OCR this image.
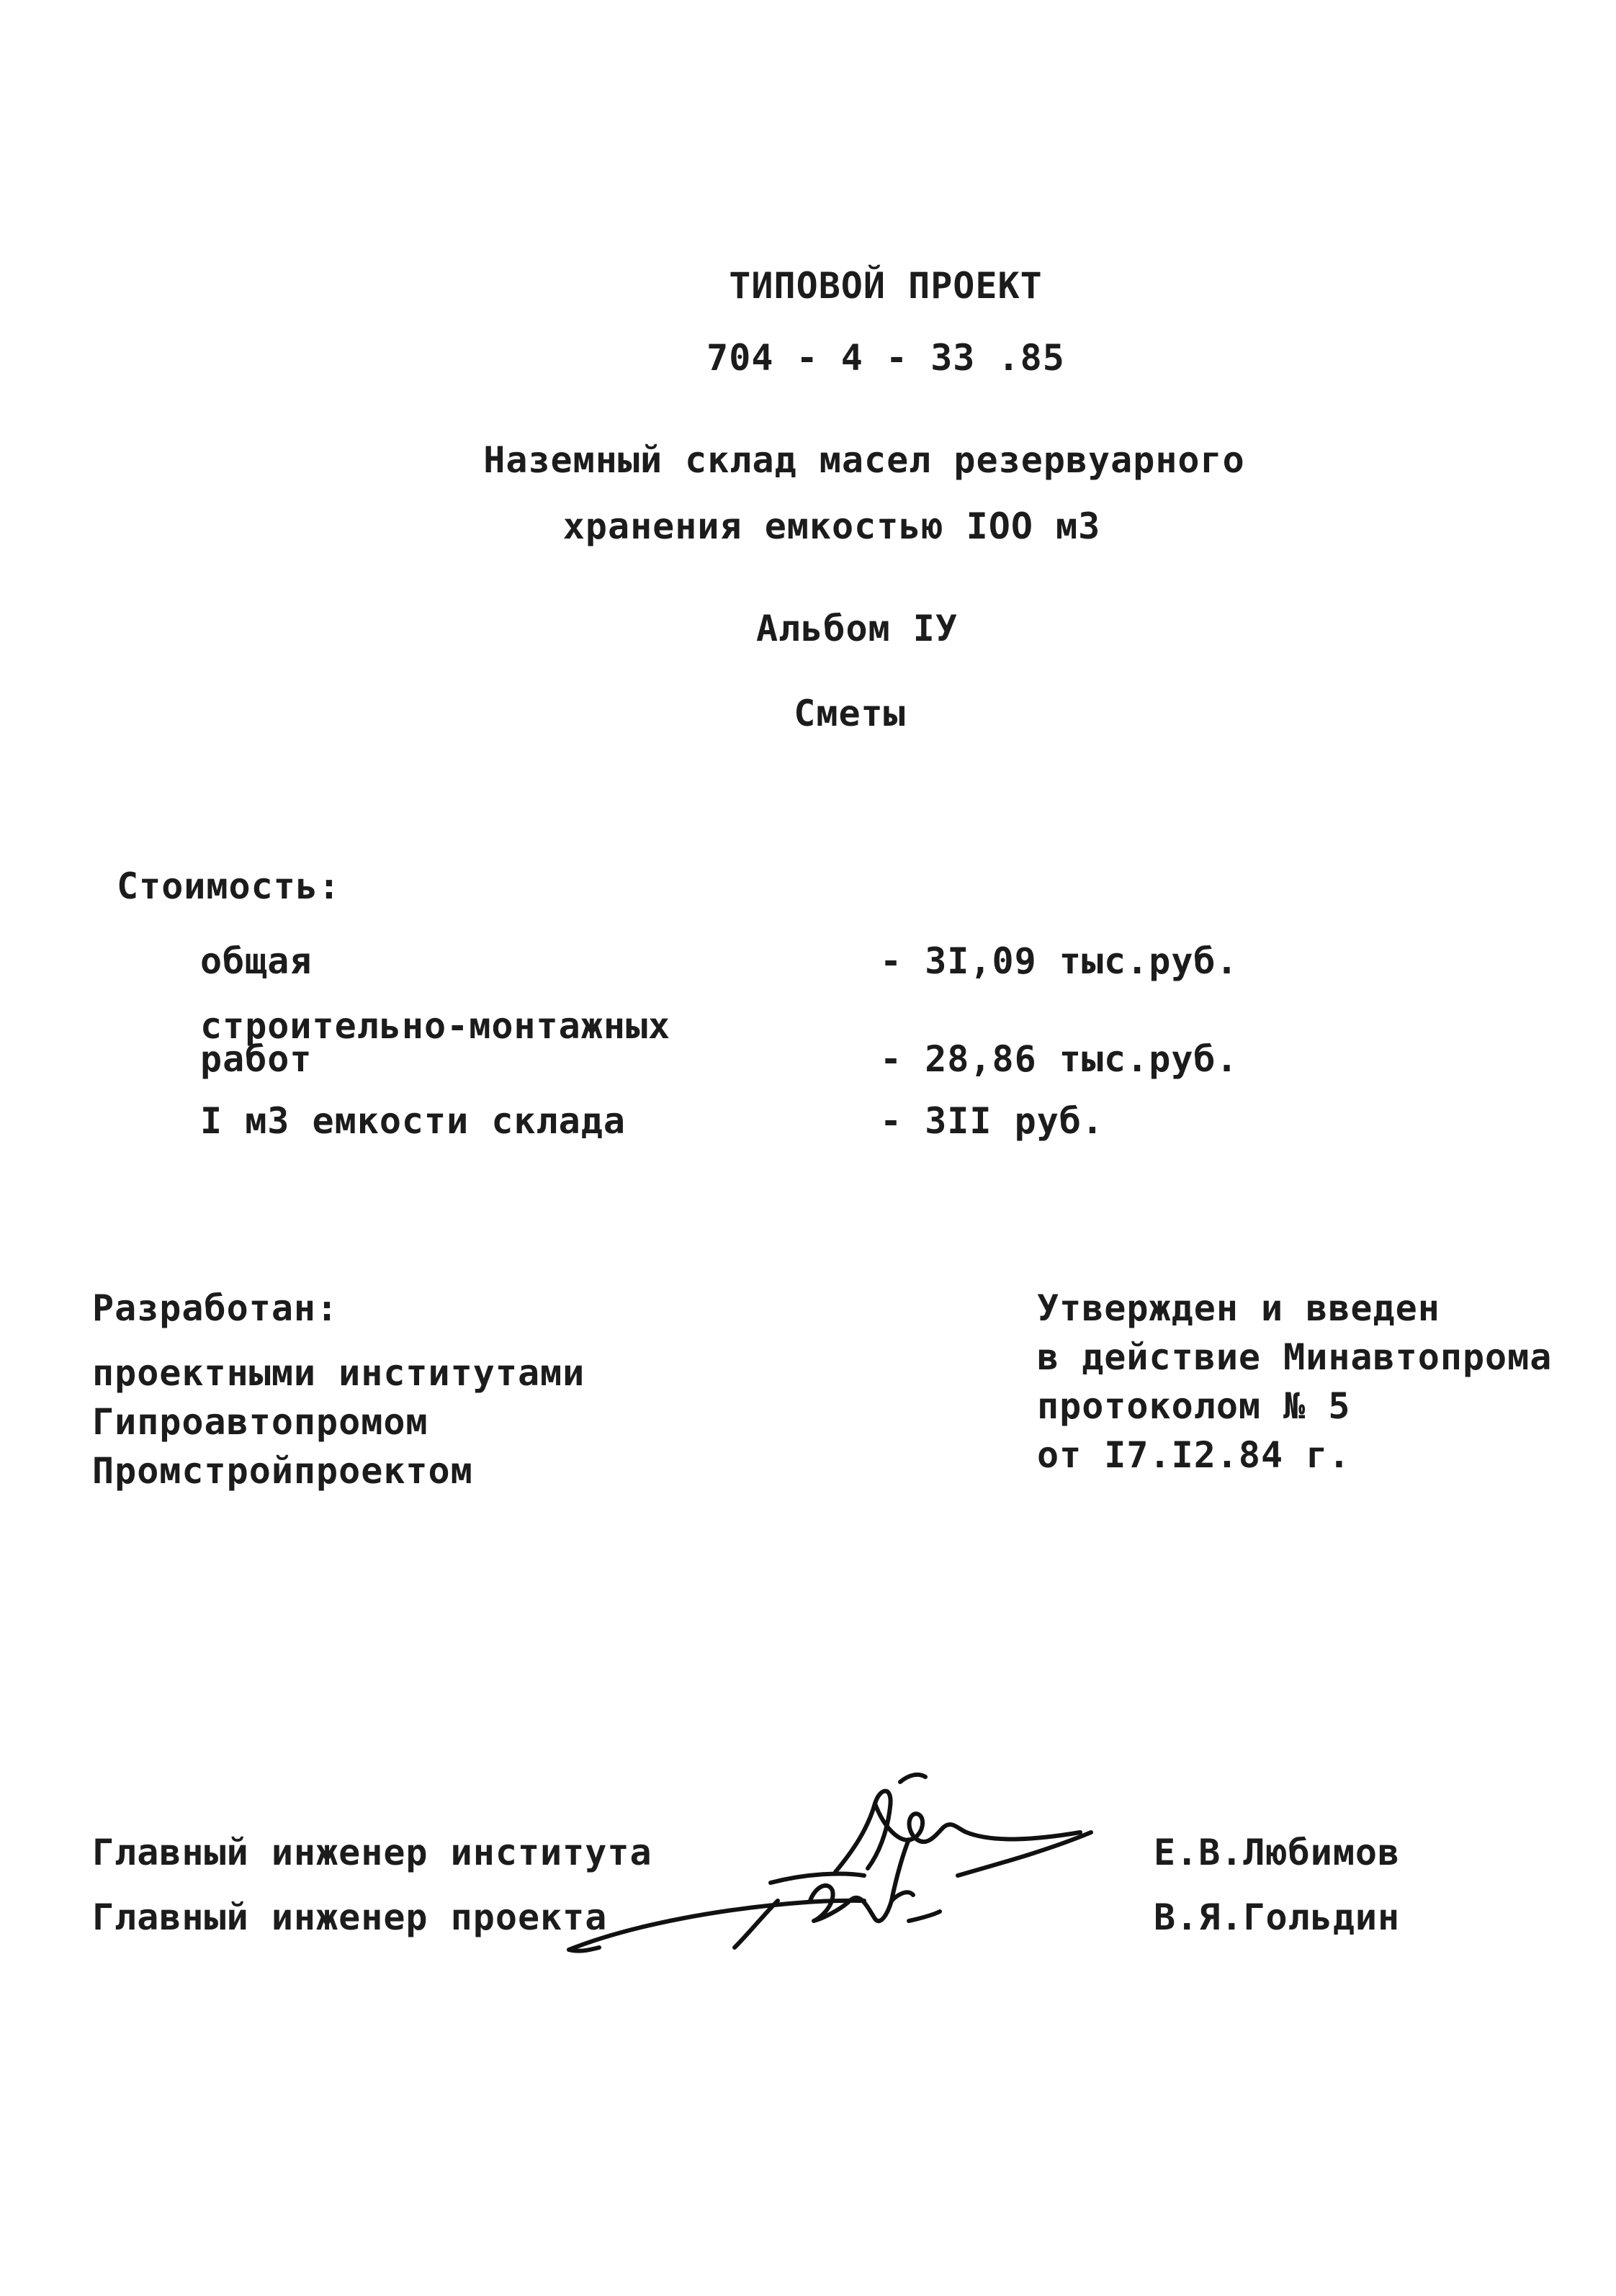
ТИПОВОЙ ПРОЕКТ
704 - 4 - 33 .85
Наземный склад масел резервуарного
хранения емкостью IOO м3
Альбом IУ
Сметы
Стоимость:
общая	- 3I,09 тыс.руб.
строительно-монтажных
работ	- 28,86 тыс.руб.
I м3 емкости склада	- 3II руб.
Разработан:
проектными институтами
Гипроавтопромом
Промстройпроектом
Утвержден и введен
в действие Минавтопрома
протоколом № 5
от I7.I2.84 г.
Главный инженер института	Е.В.Любимов
Главный инженер проекта	В.Я.Гольдин
